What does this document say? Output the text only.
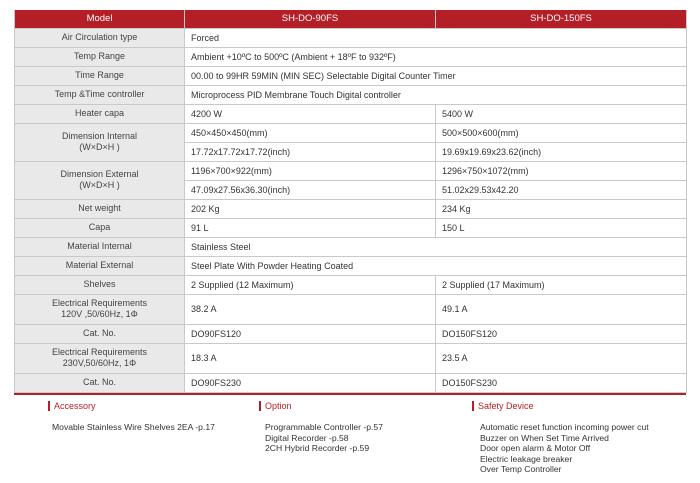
Model	SH-DO-90FS	SH-DO-150FS
Air Circulation type	Forced	
Temp Range	Ambient +10ºC to 500ºC (Ambient + 18ºF to 932ºF)	
Time Range	00.00 to 99HR 59MIN (MIN SEC) Selectable Digital Counter Timer	
Temp &Time controller	Microprocess PID Membrane Touch Digital controller	
Heater capa	4200 W	5400 W

Dimension Internal
(W×D×H )	450×450×450(mm)	500×500×600(mm)
	17.72x17.72x17.72(inch)	19.69x19.69x23.62(inch)

Dimension External
(W×D×H )	1196×700×922(mm)	1296×750×1072(mm)
	47.09x27.56x36.30(inch)	51.02x29.53x42.20
Net weight	202 Kg	234 Kg
Capa	91 L	150 L
Material Internal	Stainless Steel	
Material External	Steel Plate With Powder Heating Coated	
Shelves	2 Supplied (12 Maximum)	2 Supplied (17 Maximum)

Electrical Requirements
120V ,50/60Hz, 1Φ	38.2 A	49.1 A
Cat. No.	DO90FS120	DO150FS120

Electrical Requirements
230V,50/60Hz, 1Φ	18.3 A	23.5 A
Cat. No.	DO90FS230	DO150FS230
Accessory
Movable Stainless Wire Shelves 2EA -p.17
Option
Programmable Controller -p.57
Digital Recorder -p.58
2CH Hybrid Recorder -p.59
Safety Device
Automatic reset function incoming power cut
Buzzer on When Set Time Arrived
Door open alarm & Motor Off
Electric leakage breaker
Over Temp Controller
